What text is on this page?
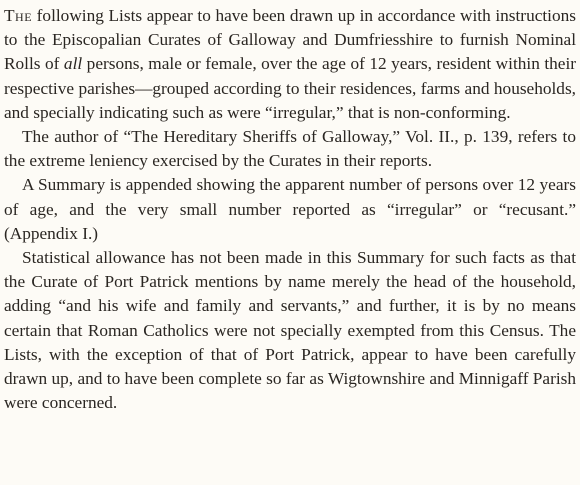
The following Lists appear to have been drawn up in accordance with instructions to the Episcopalian Curates of Galloway and Dumfriesshire to furnish Nominal Rolls of all persons, male or female, over the age of 12 years, resident within their respective parishes—grouped according to their residences, farms and households, and specially indicating such as were “irregular,” that is non-conforming.

The author of “The Hereditary Sheriffs of Galloway,” Vol. II., p. 139, refers to the extreme leniency exercised by the Curates in their reports.

A Summary is appended showing the apparent number of persons over 12 years of age, and the very small number reported as “irregular” or “recusant.” (Appendix I.)

Statistical allowance has not been made in this Summary for such facts as that the Curate of Port Patrick mentions by name merely the head of the household, adding “and his wife and family and servants,” and further, it is by no means certain that Roman Catholics were not specially exempted from this Census. The Lists, with the exception of that of Port Patrick, appear to have been carefully drawn up, and to have been complete so far as Wigtownshire and Minnigaff Parish were concerned.
